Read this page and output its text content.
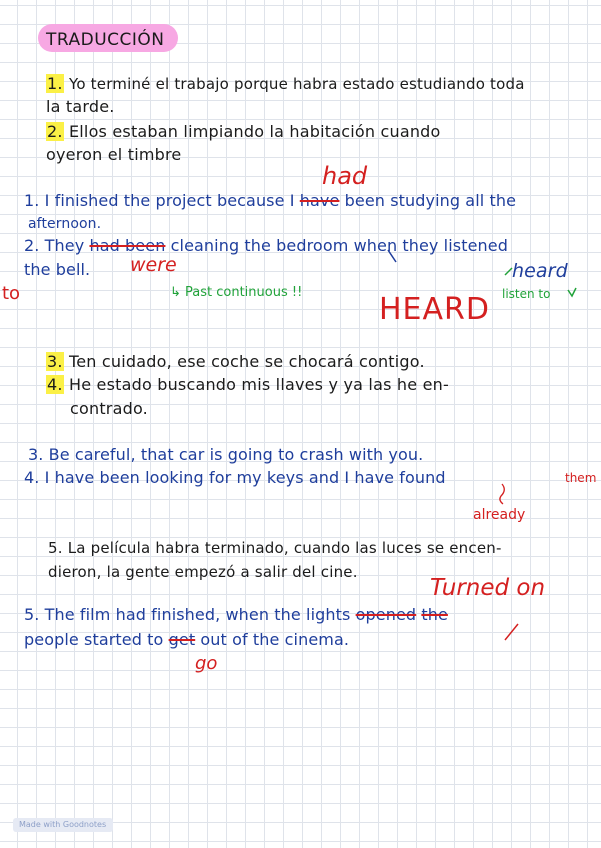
TRADUCCIÓN
1. Yo terminé el trabajo porque habra estado estudiando toda
la tarde.
2. Ellos estaban limpiando la habitación cuando
oyeron el timbre
had
1. I finished the project because I have been studying all the
afternoon.
2. They had been cleaning the bedroom when they listened
the bell. were
to	↳ Past continuous !!
heard
HEARD listen to
3. Ten cuidado, ese coche se chocará contigo.
4. He estado buscando mis llaves y ya las he en-
contrado.
3. Be careful, that car is going to crash with you.
4. I have been looking for my keys and I have found	them
already
5. La película habra terminado, cuando las luces se encen-
dieron, la gente empezó a salir del cine.
Turned on
5. The film had finished, when the lights opened the
people started to get out of the cinema.
go
Made with Goodnotes
